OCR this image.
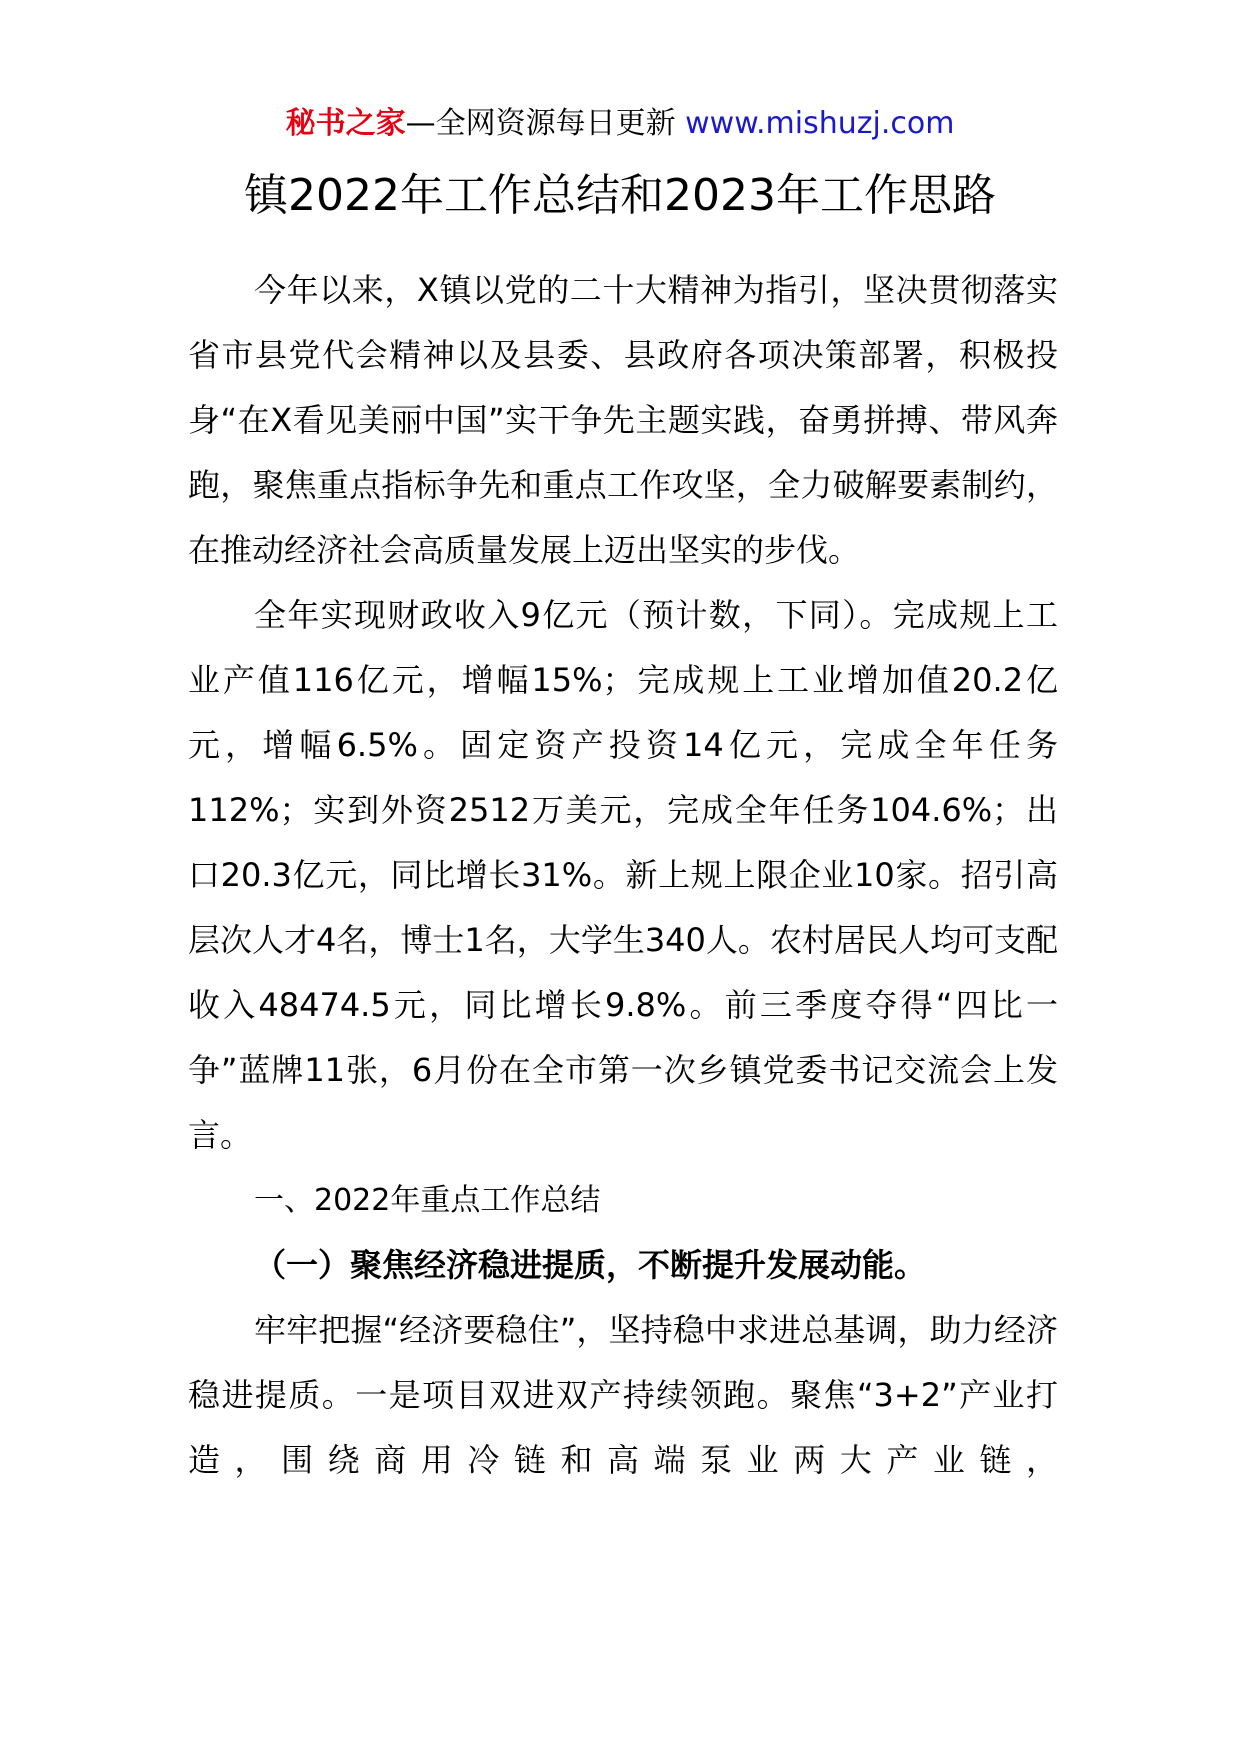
秘书之家—全网资源每日更新 www.mishuzj.com
镇2022年工作总结和2023年工作思路

今年以来，X镇以党的二十大精神为指引，坚决贯彻落实省市县党代会精神以及县委、县政府各项决策部署，积极投身“在X看见美丽中国”实干争先主题实践，奋勇拼搏、带风奔跑，聚焦重点指标争先和重点工作攻坚，全力破解要素制约，在推动经济社会高质量发展上迈出坚实的步伐。

全年实现财政收入9亿元（预计数，下同）。完成规上工业产值116亿元，增幅15%；完成规上工业增加值20.2亿元，增幅6.5%。固定资产投资14亿元，完成全年任务112%；实到外资2512万美元，完成全年任务104.6%；出口20.3亿元，同比增长31%。新上规上限企业10家。招引高层次人才4名，博士1名，大学生340人。农村居民人均可支配收入48474.5元，同比增长9.8%。前三季度夺得“四比一争”蓝牌11张，6月份在全市第一次乡镇党委书记交流会上发言。

一、2022年重点工作总结

（一）聚焦经济稳进提质，不断提升发展动能。

牢牢把握“经济要稳住”，坚持稳中求进总基调，助力经济稳进提质。一是项目双进双产持续领跑。聚焦“3+2”产业打造，围绕商用冷链和高端泵业两大产业链，
